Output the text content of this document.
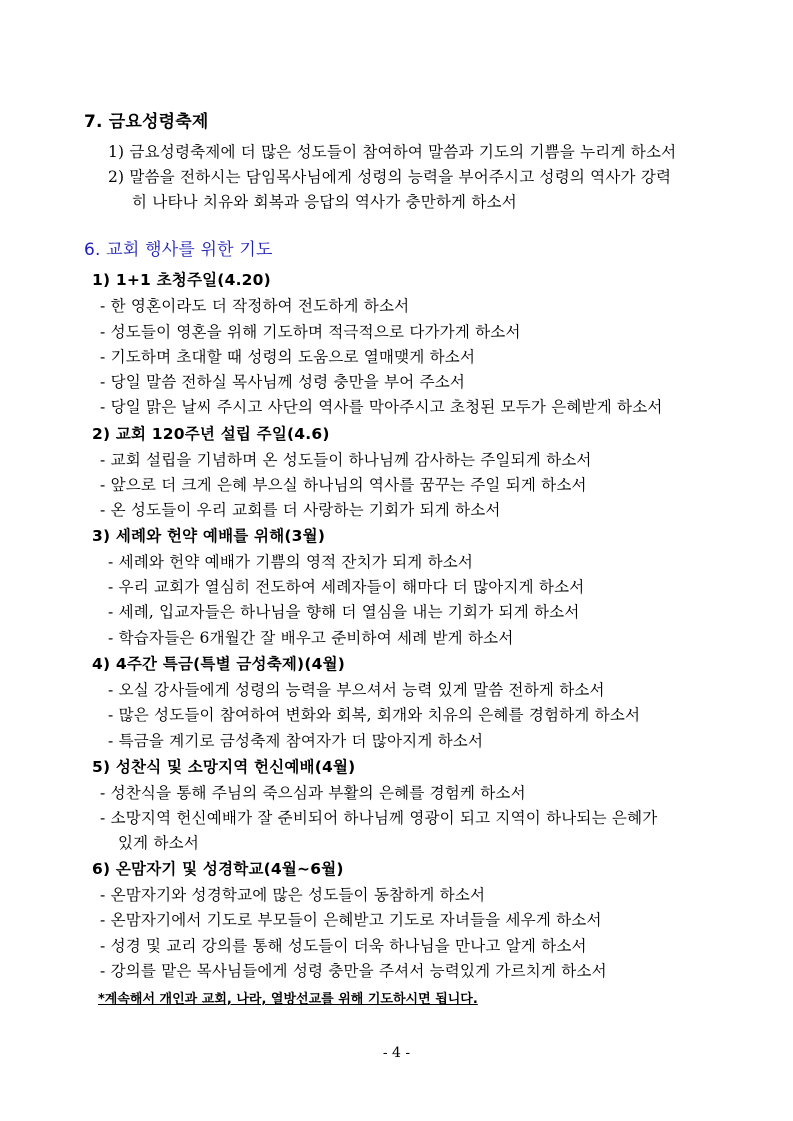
7. 금요성령축제
1) 금요성령축제에 더 많은 성도들이 참여하여 말씀과 기도의 기쁨을 누리게 하소서
2) 말씀을 전하시는 담임목사님에게 성령의 능력을 부어주시고 성령의 역사가 강력
히 나타나 치유와 회복과 응답의 역사가 충만하게 하소서
6. 교회 행사를 위한 기도
1) 1+1 초청주일(4.20)
- 한 영혼이라도 더 작정하여 전도하게 하소서
- 성도들이 영혼을 위해 기도하며 적극적으로 다가가게 하소서
- 기도하며 초대할 때 성령의 도움으로 열매맺게 하소서
- 당일 말씀 전하실 목사님께 성령 충만을 부어 주소서
- 당일 맑은 날씨 주시고 사단의 역사를 막아주시고 초청된 모두가 은혜받게 하소서
2) 교회 120주년 설립 주일(4.6)
- 교회 설립을 기념하며 온 성도들이 하나님께 감사하는 주일되게 하소서
- 앞으로 더 크게 은혜 부으실 하나님의 역사를 꿈꾸는 주일 되게 하소서
- 온 성도들이 우리 교회를 더 사랑하는 기회가 되게 하소서
3) 세례와 헌약 예배를 위해(3월)
- 세례와 헌약 예배가 기쁨의 영적 잔치가 되게 하소서
- 우리 교회가 열심히 전도하여 세례자들이 해마다 더 많아지게 하소서
- 세례, 입교자들은 하나님을 향해 더 열심을 내는 기회가 되게 하소서
- 학습자들은 6개월간 잘 배우고 준비하여 세례 받게 하소서
4) 4주간 특금(특별 금성축제)(4월)
- 오실 강사들에게 성령의 능력을 부으셔서 능력 있게 말씀 전하게 하소서
- 많은 성도들이 참여하여 변화와 회복, 회개와 치유의 은혜를 경험하게 하소서
- 특금을 계기로 금성축제 참여자가 더 많아지게 하소서
5) 성찬식 및 소망지역 헌신예배(4월)
- 성찬식을 통해 주님의 죽으심과 부활의 은혜를 경험케 하소서
- 소망지역 헌신예배가 잘 준비되어 하나님께 영광이 되고 지역이 하나되는 은혜가
있게 하소서
6) 온맘자기 및 성경학교(4월~6월)
- 온맘자기와 성경학교에 많은 성도들이 동참하게 하소서
- 온맘자기에서 기도로 부모들이 은혜받고 기도로 자녀들을 세우게 하소서
- 성경 및 교리 강의를 통해 성도들이 더욱 하나님을 만나고 알게 하소서
- 강의를 맡은 목사님들에게 성령 충만을 주셔서 능력있게 가르치게 하소서
*계속해서 개인과 교회, 나라, 열방선교를 위해 기도하시면 됩니다.
- 4 -
